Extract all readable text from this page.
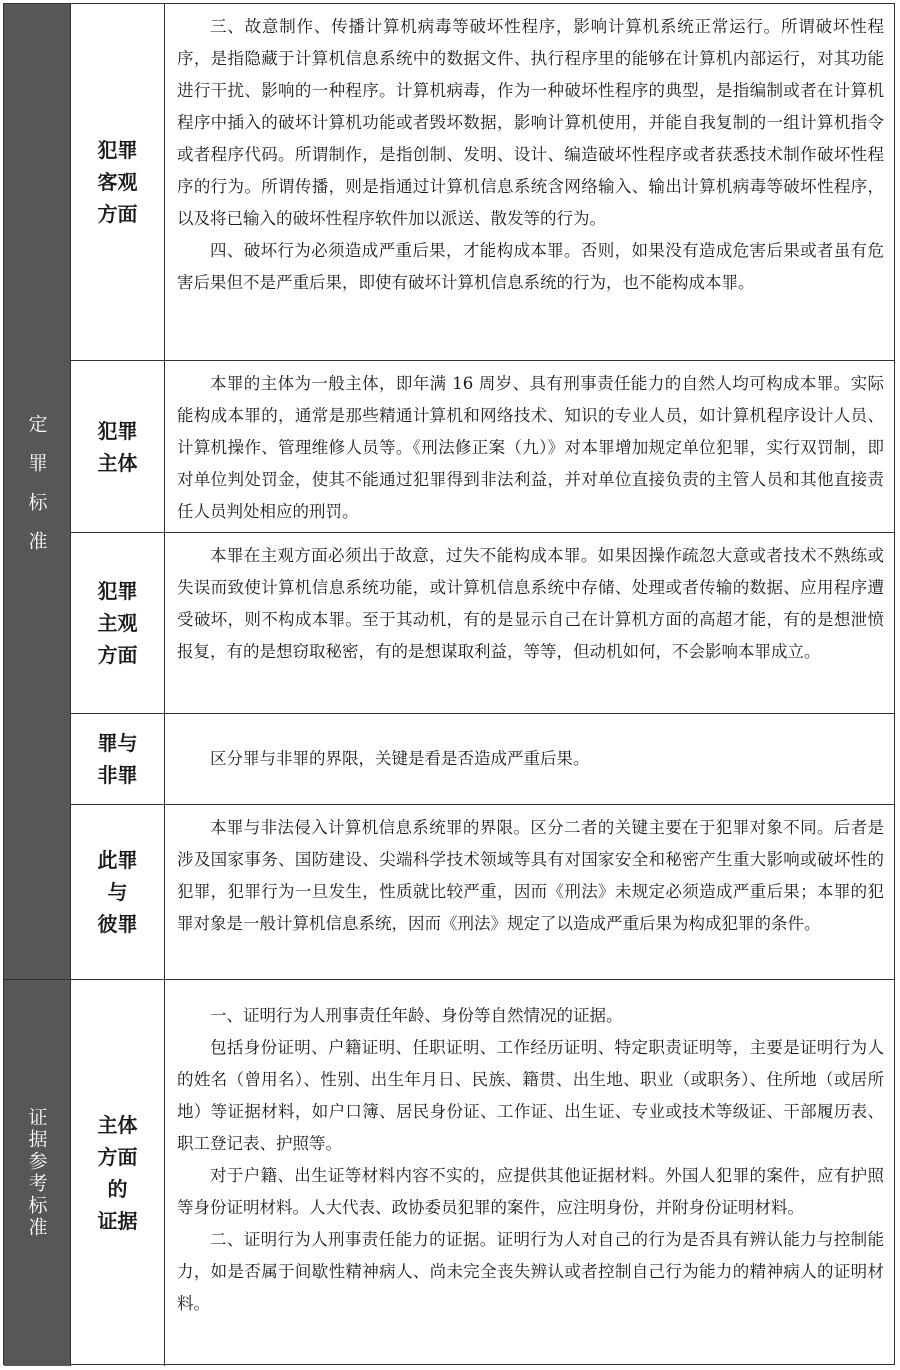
定罪标准
犯罪
客观
方面

三、故意制作、传播计算机病毒等破坏性程序，影响计算机系统正常运行。所谓破坏性程序，是指隐藏于计算机信息系统中的数据文件、执行程序里的能够在计算机内部运行，对其功能进行干扰、影响的一种程序。计算机病毒，作为一种破坏性程序的典型，是指编制或者在计算机程序中插入的破坏计算机功能或者毁坏数据，影响计算机使用，并能自我复制的一组计算机指令或者程序代码。所谓制作，是指创制、发明、设计、编造破坏性程序或者获悉技术制作破坏性程序的行为。所谓传播，则是指通过计算机信息系统含网络输入、输出计算机病毒等破坏性程序，以及将已输入的破坏性程序软件加以派送、散发等的行为。

四、破坏行为必须造成严重后果，才能构成本罪。否则，如果没有造成危害后果或者虽有危害后果但不是严重后果，即使有破坏计算机信息系统的行为，也不能构成本罪。

犯罪
主体

本罪的主体为一般主体，即年满 16 周岁、具有刑事责任能力的自然人均可构成本罪。实际能构成本罪的，通常是那些精通计算机和网络技术、知识的专业人员，如计算机程序设计人员、计算机操作、管理维修人员等。《刑法修正案（九）》对本罪增加规定单位犯罪，实行双罚制，即对单位判处罚金，使其不能通过犯罪得到非法利益，并对单位直接负责的主管人员和其他直接责任人员判处相应的刑罚。

犯罪
主观
方面

本罪在主观方面必须出于故意，过失不能构成本罪。如果因操作疏忽大意或者技术不熟练或失误而致使计算机信息系统功能，或计算机信息系统中存储、处理或者传输的数据、应用程序遭受破坏，则不构成本罪。至于其动机，有的是显示自己在计算机方面的高超才能，有的是想泄愤报复，有的是想窃取秘密，有的是想谋取利益，等等，但动机如何，不会影响本罪成立。

罪与
非罪

区分罪与非罪的界限，关键是看是否造成严重后果。

此罪
与
彼罪

本罪与非法侵入计算机信息系统罪的界限。区分二者的关键主要在于犯罪对象不同。后者是涉及国家事务、国防建设、尖端科学技术领域等具有对国家安全和秘密产生重大影响或破坏性的犯罪，犯罪行为一旦发生，性质就比较严重，因而《刑法》未规定必须造成严重后果；本罪的犯罪对象是一般计算机信息系统，因而《刑法》规定了以造成严重后果为构成犯罪的条件。

证据参考标准	主体
方面
的
证据

一、证明行为人刑事责任年龄、身份等自然情况的证据。

包括身份证明、户籍证明、任职证明、工作经历证明、特定职责证明等，主要是证明行为人的姓名（曾用名）、性别、出生年月日、民族、籍贯、出生地、职业（或职务）、住所地（或居所地）等证据材料，如户口簿、居民身份证、工作证、出生证、专业或技术等级证、干部履历表、职工登记表、护照等。

对于户籍、出生证等材料内容不实的，应提供其他证据材料。外国人犯罪的案件，应有护照等身份证明材料。人大代表、政协委员犯罪的案件，应注明身份，并附身份证明材料。

二、证明行为人刑事责任能力的证据。证明行为人对自己的行为是否具有辨认能力与控制能力，如是否属于间歇性精神病人、尚未完全丧失辨认或者控制自己行为能力的精神病人的证明材料。
